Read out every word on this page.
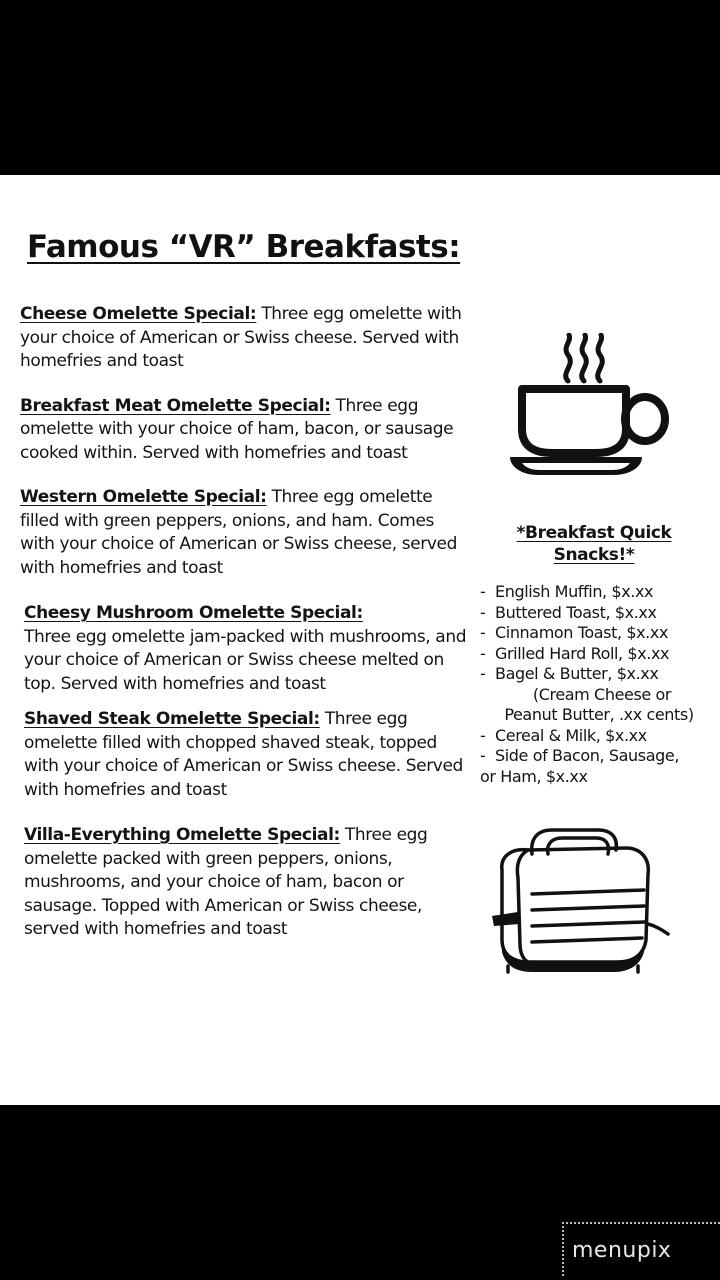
Famous “VR” Breakfasts:

Cheese Omelette Special: Three egg omelette with your choice of American or Swiss cheese. Served with homefries and toast

Breakfast Meat Omelette Special: Three egg omelette with your choice of ham, bacon, or sausage cooked within. Served with homefries and toast

Western Omelette Special: Three egg omelette filled with green peppers, onions, and ham. Comes with your choice of American or Swiss cheese, served with homefries and toast

Cheesy Mushroom Omelette Special:
Three egg omelette jam-packed with mushrooms, and your choice of American or Swiss cheese melted on top. Served with homefries and toast

Shaved Steak Omelette Special: Three egg omelette filled with chopped shaved steak, topped with your choice of American or Swiss cheese. Served with homefries and toast

Villa-Everything Omelette Special: Three egg omelette packed with green peppers, onions, mushrooms, and your choice of ham, bacon or sausage. Topped with American or Swiss cheese, served with homefries and toast

*Breakfast Quick
Snacks!*
- English Muffin, $x.xx
- Buttered Toast, $x.xx
- Cinnamon Toast, $x.xx
- Grilled Hard Roll, $x.xx
- Bagel & Butter, $x.xx
(Cream Cheese or
Peanut Butter, .xx cents)
- Cereal & Milk, $x.xx
- Side of Bacon, Sausage,
or Ham, $x.xx
menupix
